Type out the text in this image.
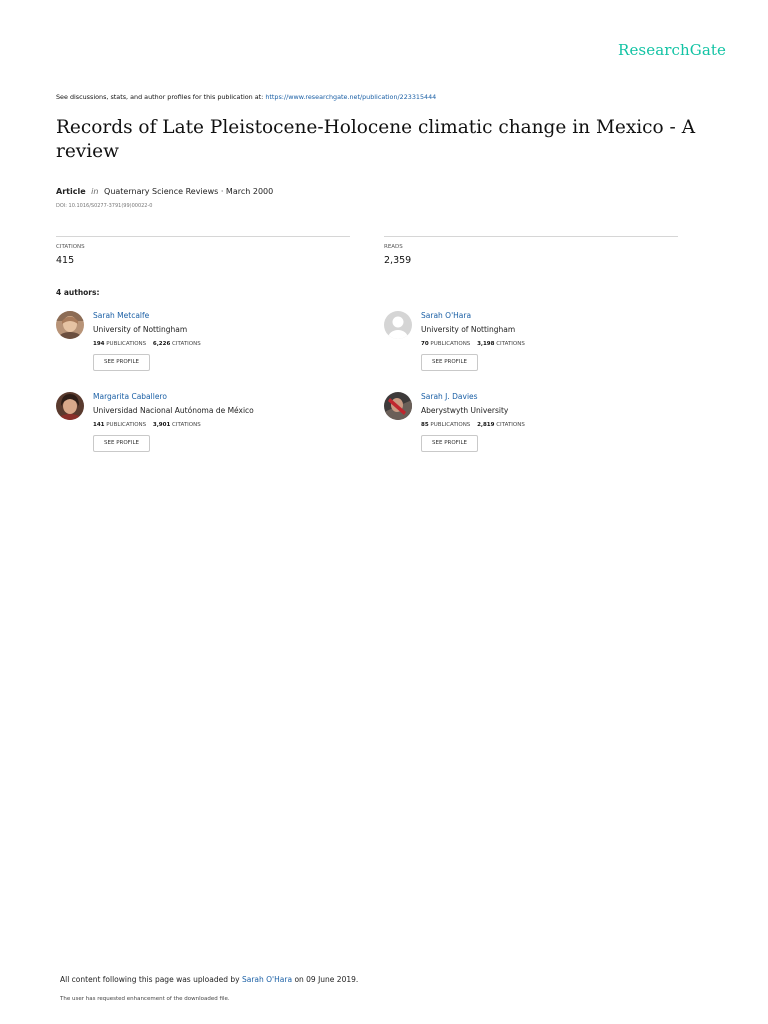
ResearchGate
See discussions, stats, and author profiles for this publication at: https://www.researchgate.net/publication/223315444
Records of Late Pleistocene-Holocene climatic change in Mexico - A review
Article in Quaternary Science Reviews · March 2000
DOI: 10.1016/S0277-3791(99)00022-0
CITATIONS
415
READS
2,359
4 authors:
Sarah Metcalfe
University of Nottingham
194 PUBLICATIONS 6,226 CITATIONS
SEE PROFILE
Sarah O'Hara
University of Nottingham
70 PUBLICATIONS 3,198 CITATIONS
SEE PROFILE
Margarita Caballero
Universidad Nacional Autónoma de México
141 PUBLICATIONS 3,901 CITATIONS
SEE PROFILE
Sarah J. Davies
Aberystwyth University
85 PUBLICATIONS 2,819 CITATIONS
SEE PROFILE
All content following this page was uploaded by Sarah O'Hara on 09 June 2019.
The user has requested enhancement of the downloaded file.
